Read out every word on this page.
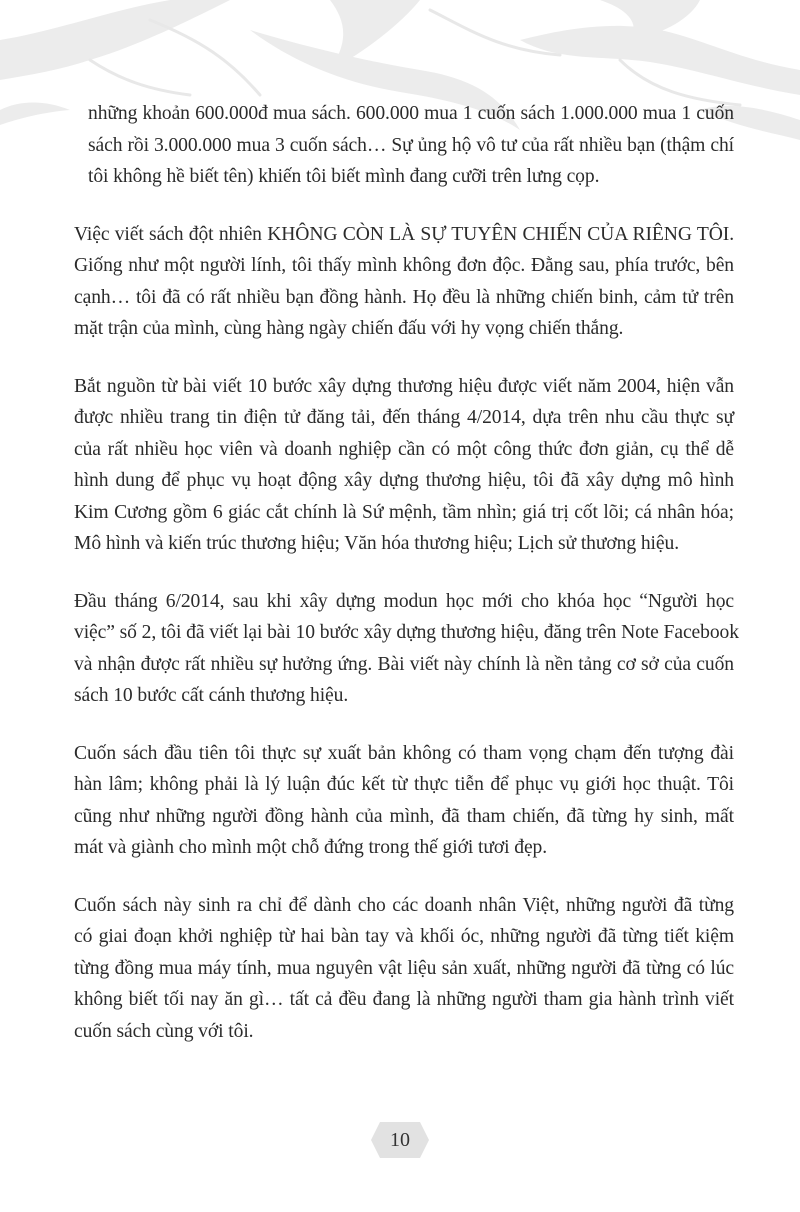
những khoản 600.000đ mua sách. 600.000 mua 1 cuốn sách 1.000.000 mua 1 cuốn
sách rồi 3.000.000 mua 3 cuốn sách… Sự ủng hộ vô tư của rất nhiều bạn (thậm chí
tôi không hề biết tên) khiến tôi biết mình đang cưỡi trên lưng cọp.

Việc viết sách đột nhiên KHÔNG CÒN LÀ SỰ TUYÊN CHIẾN CỦA RIÊNG TÔI.
Giống như một người lính, tôi thấy mình không đơn độc. Đằng sau, phía trước, bên
cạnh… tôi đã có rất nhiều bạn đồng hành. Họ đều là những chiến binh, cảm tử trên
mặt trận của mình, cùng hàng ngày chiến đấu với hy vọng chiến thắng.

Bắt nguồn từ bài viết 10 bước xây dựng thương hiệu được viết năm 2004, hiện vẫn
được nhiều trang tin điện tử đăng tải, đến tháng 4/2014, dựa trên nhu cầu thực sự
của rất nhiều học viên và doanh nghiệp cần có một công thức đơn giản, cụ thể dễ
hình dung để phục vụ hoạt động xây dựng thương hiệu, tôi đã xây dựng mô hình
Kim Cương gồm 6 giác cắt chính là Sứ mệnh, tầm nhìn; giá trị cốt lõi; cá nhân hóa;
Mô hình và kiến trúc thương hiệu; Văn hóa thương hiệu; Lịch sử thương hiệu.

Đầu tháng 6/2014, sau khi xây dựng modun học mới cho khóa học “Người học
việc” số 2, tôi đã viết lại bài 10 bước xây dựng thương hiệu, đăng trên Note Facebook
và nhận được rất nhiều sự hưởng ứng. Bài viết này chính là nền tảng cơ sở của cuốn
sách 10 bước cất cánh thương hiệu.

Cuốn sách đầu tiên tôi thực sự xuất bản không có tham vọng chạm đến tượng đài
hàn lâm; không phải là lý luận đúc kết từ thực tiễn để phục vụ giới học thuật. Tôi
cũng như những người đồng hành của mình, đã tham chiến, đã từng hy sinh, mất
mát và giành cho mình một chỗ đứng trong thế giới tươi đẹp.

Cuốn sách này sinh ra chỉ để dành cho các doanh nhân Việt, những người đã từng
có giai đoạn khởi nghiệp từ hai bàn tay và khối óc, những người đã từng tiết kiệm
từng đồng mua máy tính, mua nguyên vật liệu sản xuất, những người đã từng có lúc
không biết tối nay ăn gì… tất cả đều đang là những người tham gia hành trình viết
cuốn sách cùng với tôi.

10
